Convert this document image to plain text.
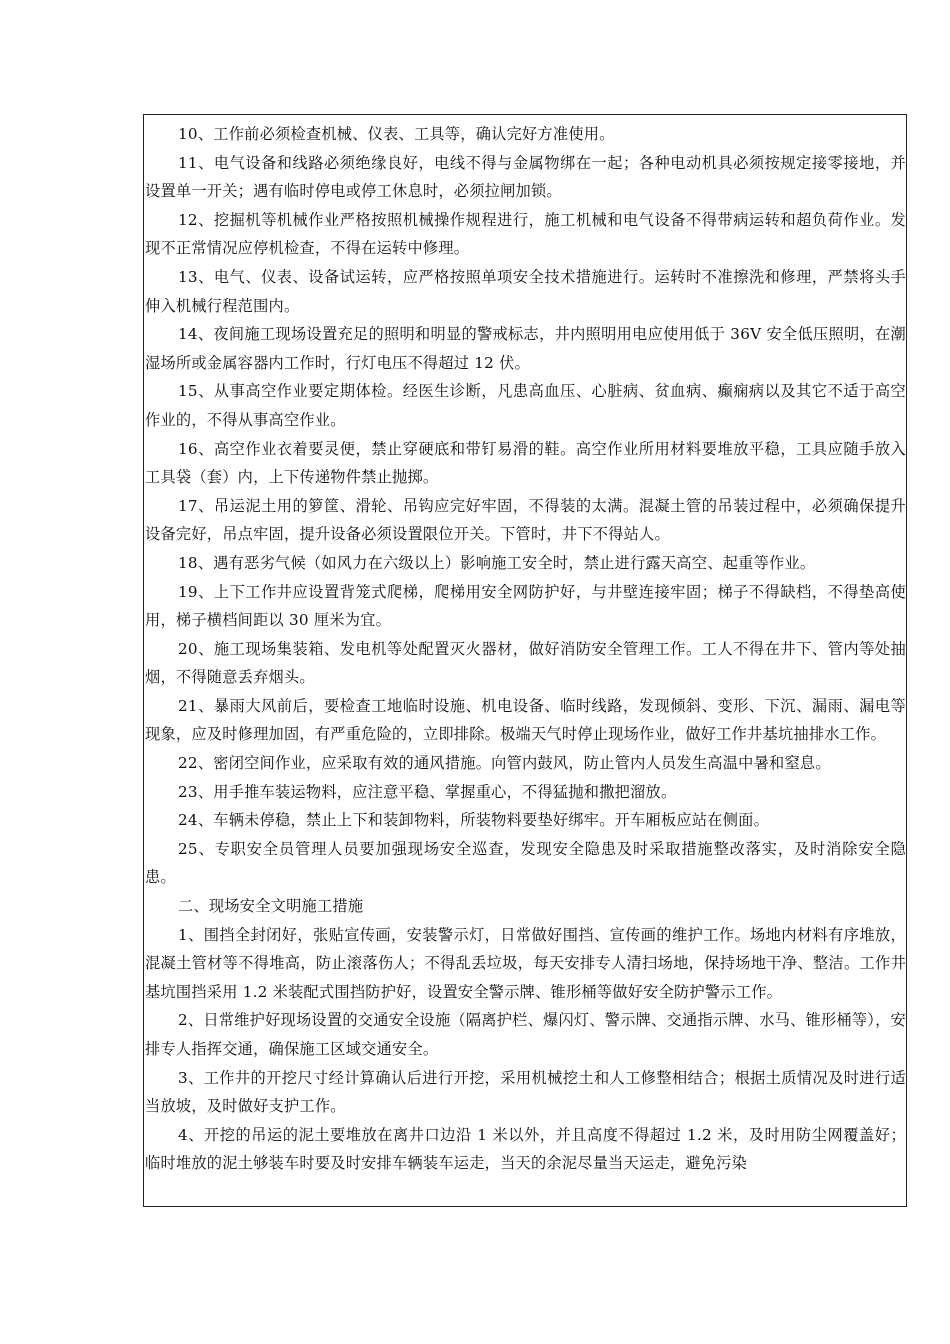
10、工作前必须检查机械、仪表、工具等，确认完好方准使用。

11、电气设备和线路必须绝缘良好，电线不得与金属物绑在一起；各种电动机具必须按规定接零接地，并设置单一开关；遇有临时停电或停工休息时，必须拉闸加锁。

12、挖掘机等机械作业严格按照机械操作规程进行，施工机械和电气设备不得带病运转和超负荷作业。发现不正常情况应停机检查，不得在运转中修理。

13、电气、仪表、设备试运转，应严格按照单项安全技术措施进行。运转时不准擦洗和修理，严禁将头手伸入机械行程范围内。

14、夜间施工现场设置充足的照明和明显的警戒标志，井内照明用电应使用低于 36V 安全低压照明，在潮湿场所或金属容器内工作时，行灯电压不得超过 12 伏。

15、从事高空作业要定期体检。经医生诊断，凡患高血压、心脏病、贫血病、癫痫病以及其它不适于高空作业的，不得从事高空作业。

16、高空作业衣着要灵便，禁止穿硬底和带钉易滑的鞋。高空作业所用材料要堆放平稳，工具应随手放入工具袋（套）内，上下传递物件禁止抛掷。

17、吊运泥土用的箩筐、滑轮、吊钩应完好牢固，不得装的太满。混凝土管的吊装过程中，必须确保提升设备完好，吊点牢固，提升设备必须设置限位开关。下管时，井下不得站人。

18、遇有恶劣气候（如风力在六级以上）影响施工安全时，禁止进行露天高空、起重等作业。

19、上下工作井应设置背笼式爬梯，爬梯用安全网防护好，与井壁连接牢固；梯子不得缺档，不得垫高使用，梯子横档间距以 30 厘米为宜。

20、施工现场集装箱、发电机等处配置灭火器材，做好消防安全管理工作。工人不得在井下、管内等处抽烟，不得随意丢弃烟头。

21、暴雨大风前后，要检查工地临时设施、机电设备、临时线路，发现倾斜、变形、下沉、漏雨、漏电等现象，应及时修理加固，有严重危险的，立即排除。极端天气时停止现场作业，做好工作井基坑抽排水工作。

22、密闭空间作业，应采取有效的通风措施。向管内鼓风，防止管内人员发生高温中暑和窒息。

23、用手推车装运物料，应注意平稳、掌握重心，不得猛抛和撒把溜放。

24、车辆未停稳，禁止上下和装卸物料，所装物料要垫好绑牢。开车厢板应站在侧面。

25、专职安全员管理人员要加强现场安全巡查，发现安全隐患及时采取措施整改落实，及时消除安全隐患。

二、现场安全文明施工措施

1、围挡全封闭好，张贴宣传画，安装警示灯，日常做好围挡、宣传画的维护工作。场地内材料有序堆放，混凝土管材等不得堆高，防止滚落伤人；不得乱丢垃圾，每天安排专人清扫场地，保持场地干净、整洁。工作井基坑围挡采用 1.2 米装配式围挡防护好，设置安全警示牌、锥形桶等做好安全防护警示工作。

2、日常维护好现场设置的交通安全设施（隔离护栏、爆闪灯、警示牌、交通指示牌、水马、锥形桶等），安排专人指挥交通，确保施工区域交通安全。

3、工作井的开挖尺寸经计算确认后进行开挖，采用机械挖土和人工修整相结合；根据土质情况及时进行适当放坡，及时做好支护工作。

4、开挖的吊运的泥土要堆放在离井口边沿 1 米以外，并且高度不得超过 1.2 米，及时用防尘网覆盖好；临时堆放的泥土够装车时要及时安排车辆装车运走，当天的余泥尽量当天运走，避免污染
